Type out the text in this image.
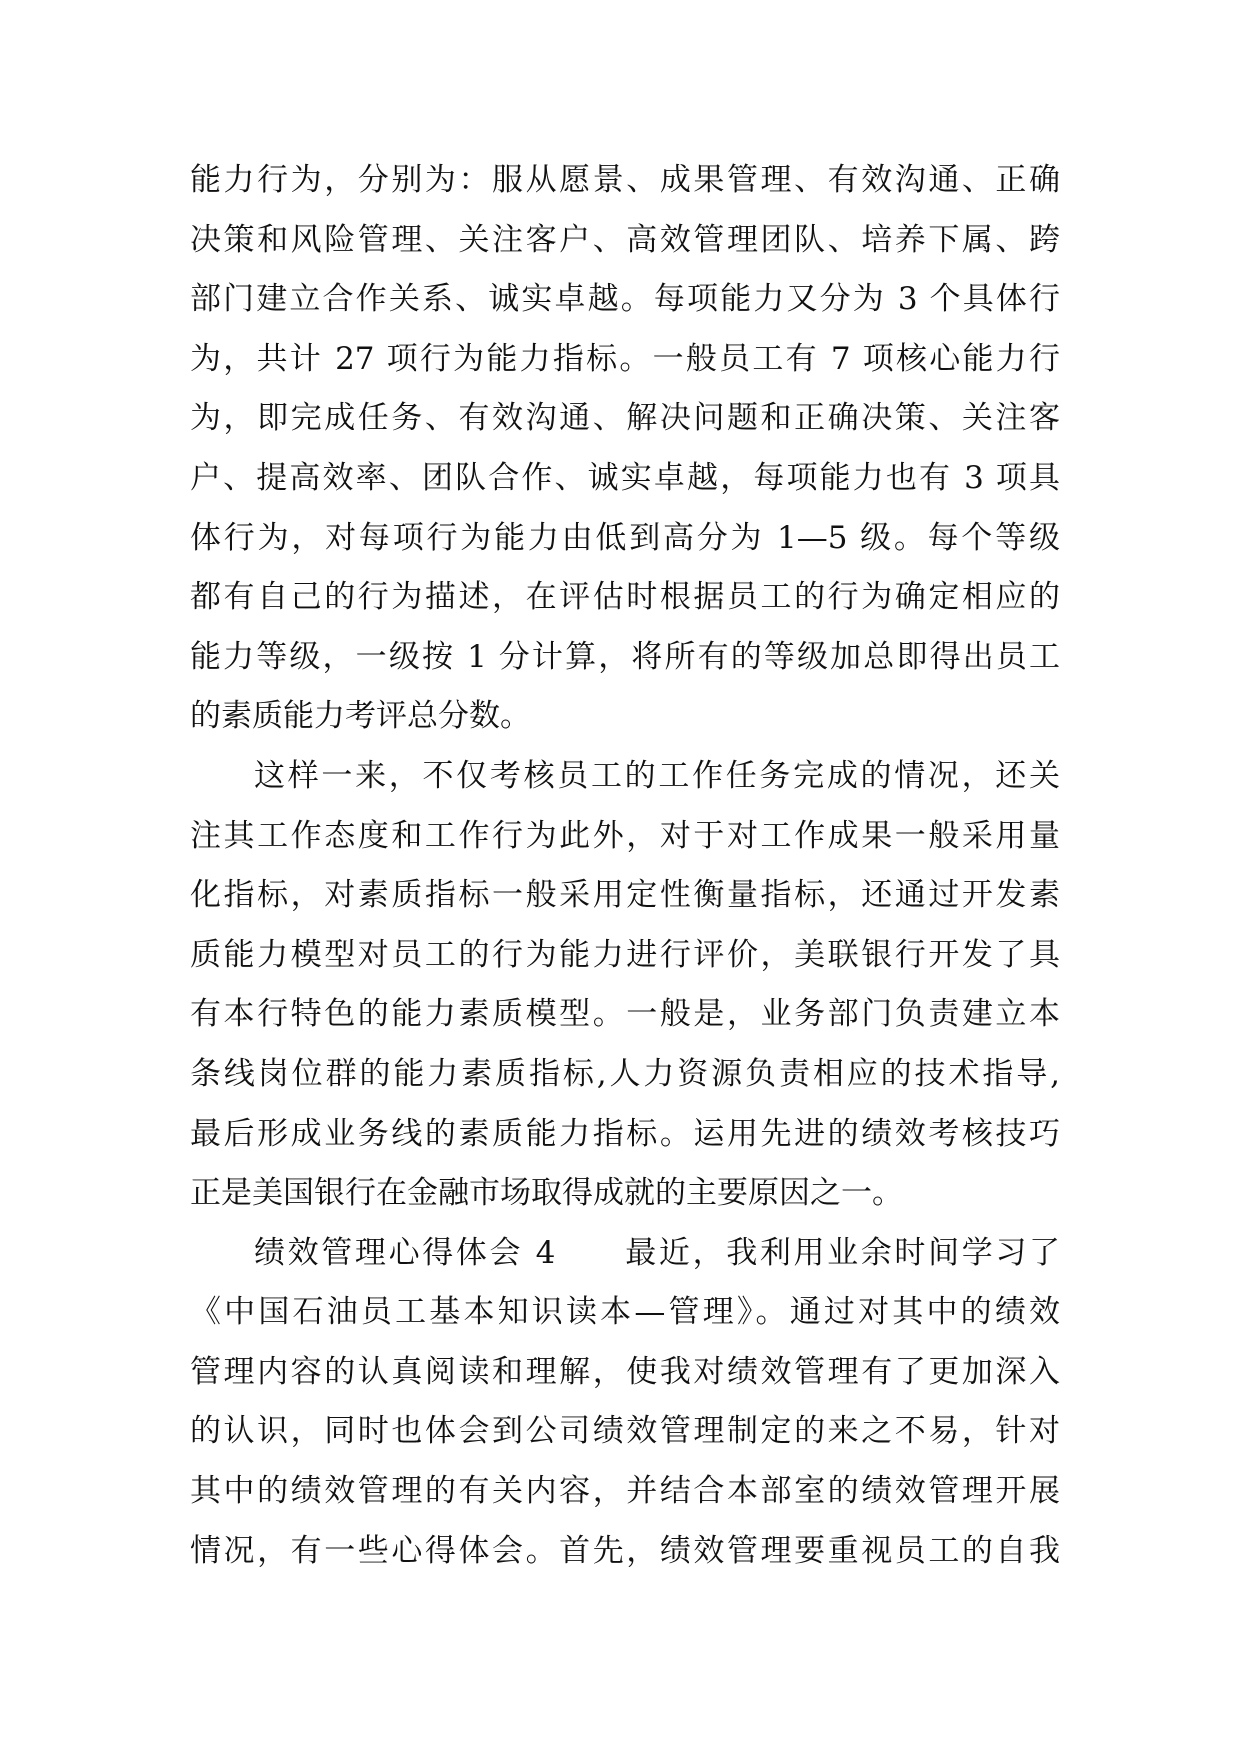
能力行为，分别为：服从愿景、成果管理、有效沟通、正确
决策和风险管理、关注客户、高效管理团队、培养下属、跨
部门建立合作关系、诚实卓越。每项能力又分为 3 个具体行
为，共计 27 项行为能力指标。一般员工有 7 项核心能力行
为，即完成任务、有效沟通、解决问题和正确决策、关注客
户、提高效率、团队合作、诚实卓越，每项能力也有 3 项具
体行为，对每项行为能力由低到高分为 1—5 级。每个等级
都有自己的行为描述，在评估时根据员工的行为确定相应的
能力等级，一级按 1 分计算，将所有的等级加总即得出员工
的素质能力考评总分数。
这样一来，不仅考核员工的工作任务完成的情况，还关
注其工作态度和工作行为此外，对于对工作成果一般采用量
化指标，对素质指标一般采用定性衡量指标，还通过开发素
质能力模型对员工的行为能力进行评价，美联银行开发了具
有本行特色的能力素质模型。一般是，业务部门负责建立本
条线岗位群的能力素质指标,人力资源负责相应的技术指导,
最后形成业务线的素质能力指标。运用先进的绩效考核技巧
正是美国银行在金融市场取得成就的主要原因之一。
绩效管理心得体会 4　　最近，我利用业余时间学习了
《中国石油员工基本知识读本—管理》。通过对其中的绩效
管理内容的认真阅读和理解，使我对绩效管理有了更加深入
的认识，同时也体会到公司绩效管理制定的来之不易，针对
其中的绩效管理的有关内容，并结合本部室的绩效管理开展
情况，有一些心得体会。首先，绩效管理要重视员工的自我
